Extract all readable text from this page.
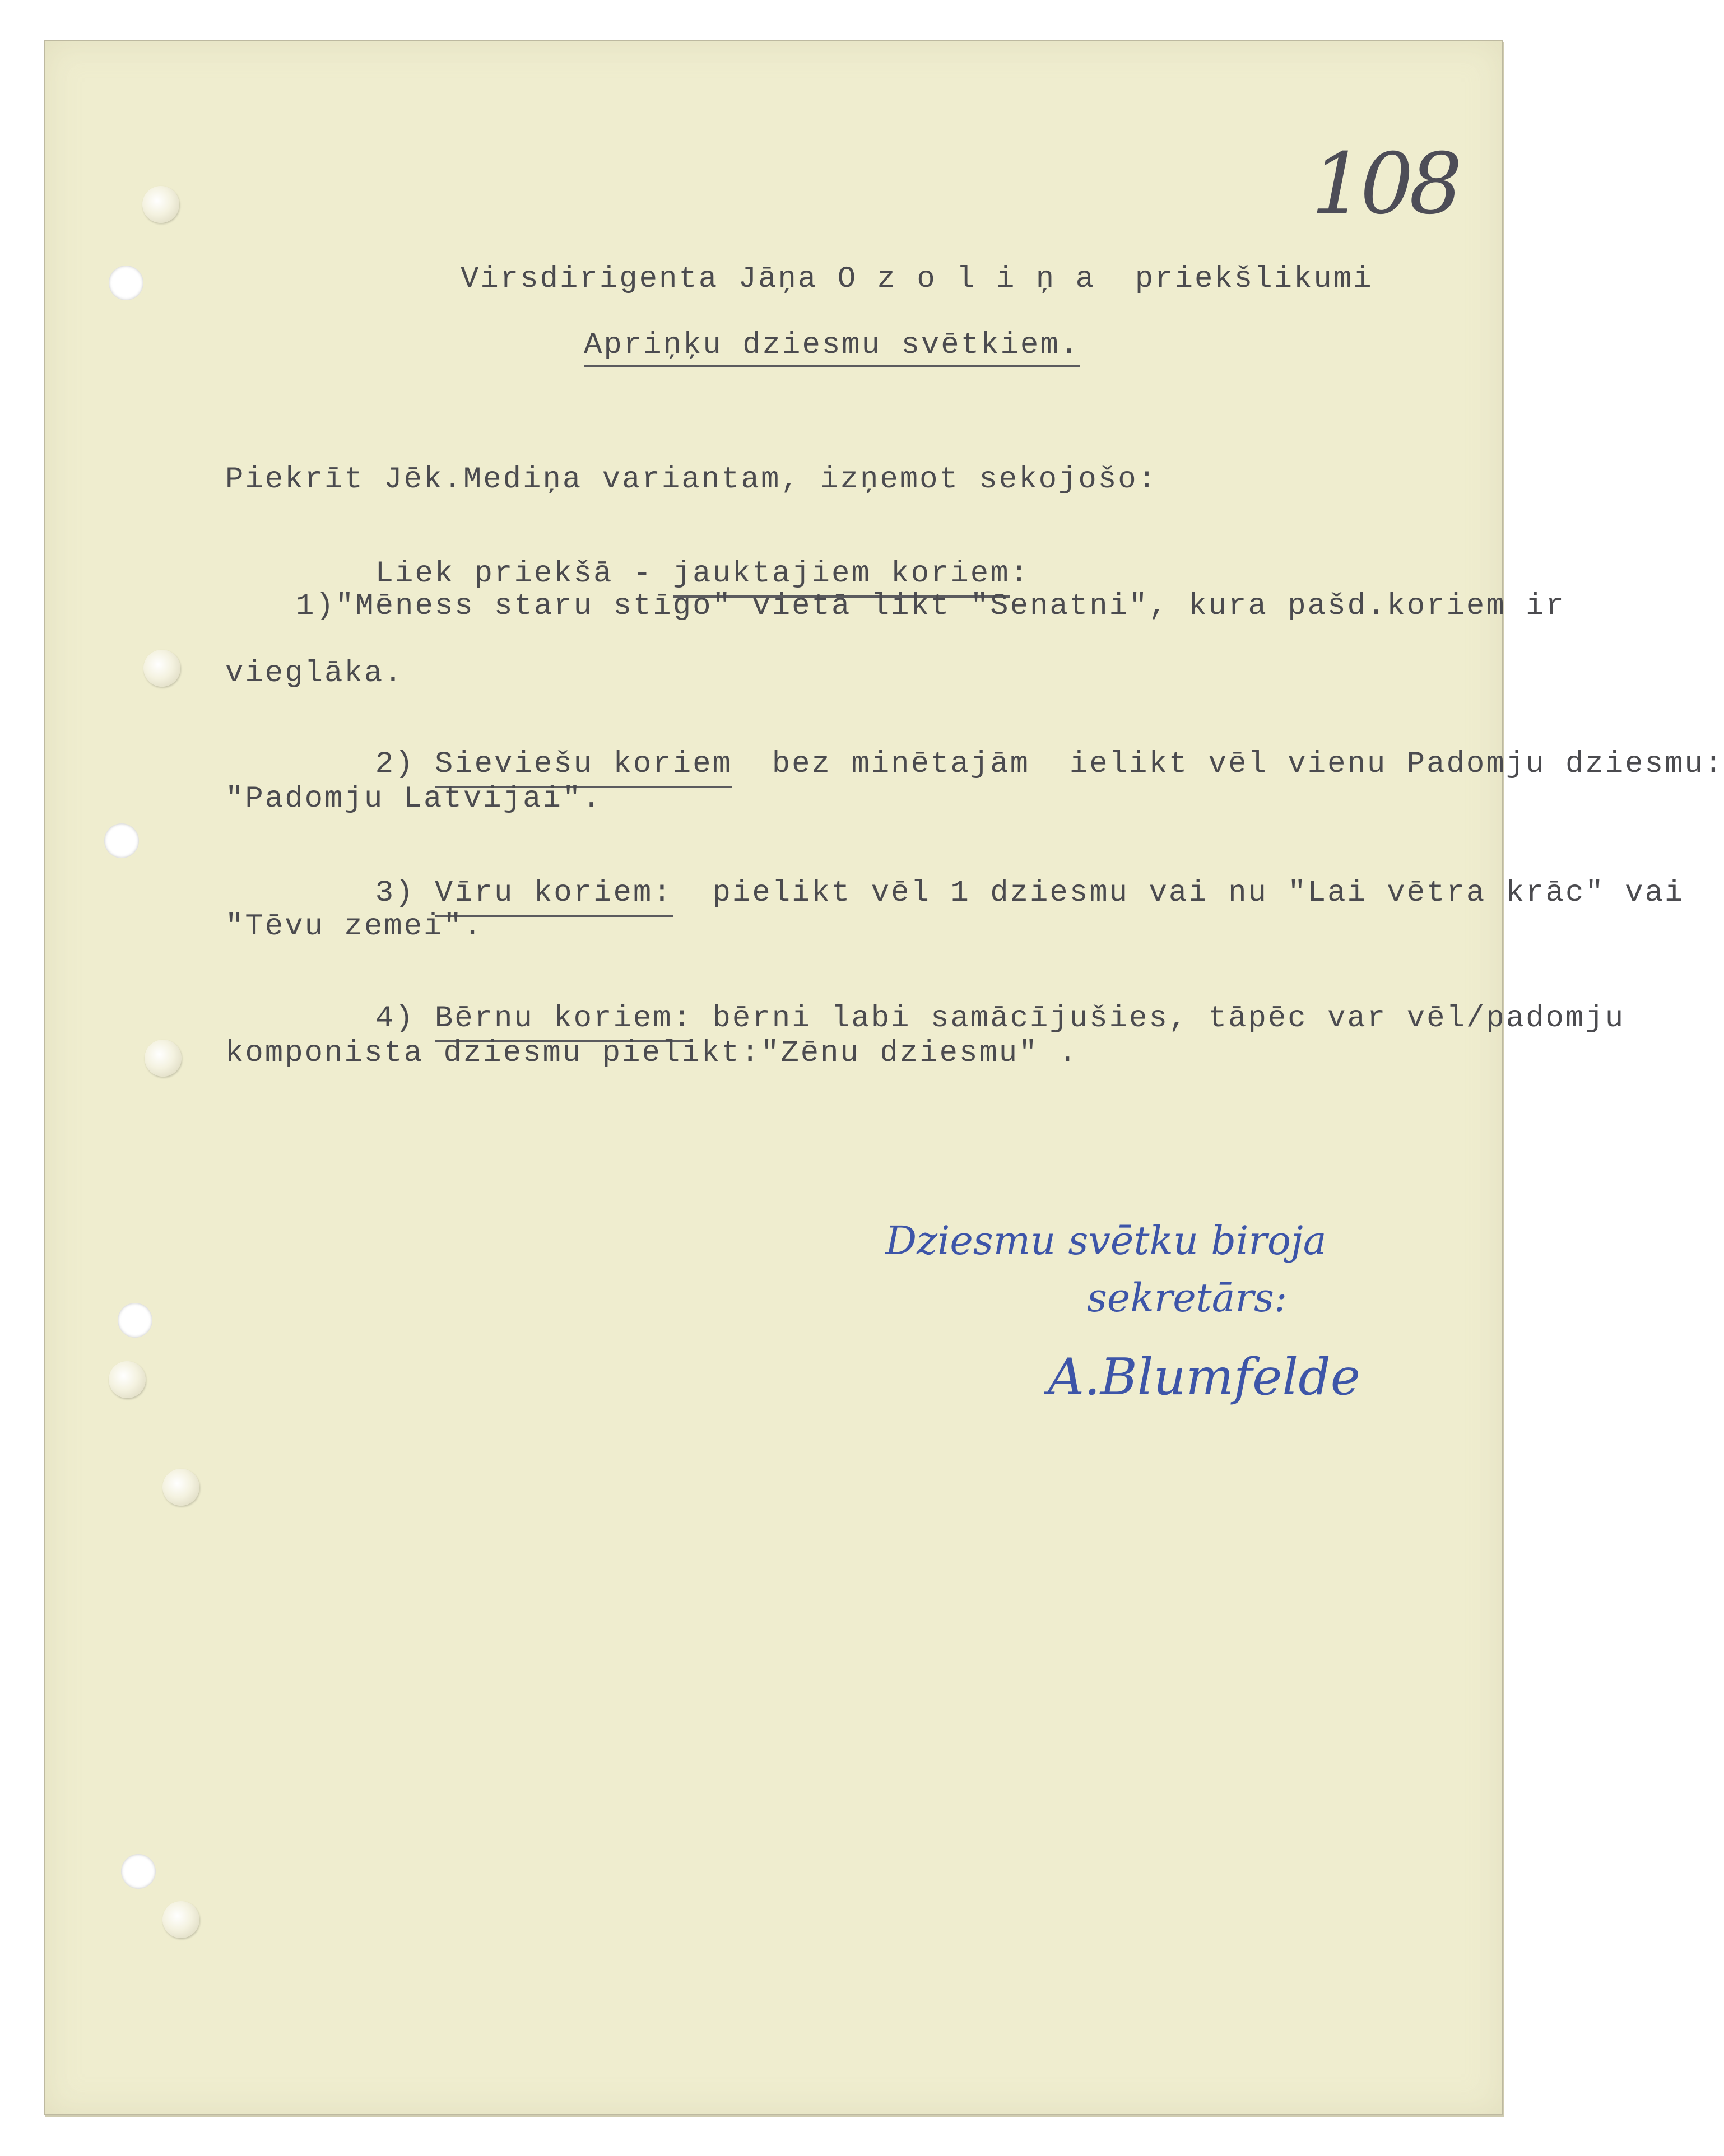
108
Virsdirigenta Jāņa O z o l i ņ a  priekšlikumi
Apriņķu dziesmu svētkiem.
Piekrīt Jēk.Mediņa variantam, izņemot sekojošo:

Liek priekšā - jauktajiem koriem:

1)"Mēness staru stīgo" vietā likt "Senatni", kura pašd.koriem ir
vieglāka.

2) Sieviešu koriem  bez minētajām  ielikt vēl vienu Padomju dziesmu:

"Padomju Latvijai".

3) Vīru koriem:  pielikt vēl 1 dziesmu vai nu "Lai vētra krāc" vai

"Tēvu zemei".

4) Bērnu koriem: bērni labi samācījušies, tāpēc var vēl/padomju

komponista dziesmu pielikt:"Zēnu dziesmu" .
Dziesmu svētku biroja
sekretārs:
A.Blumfelde
